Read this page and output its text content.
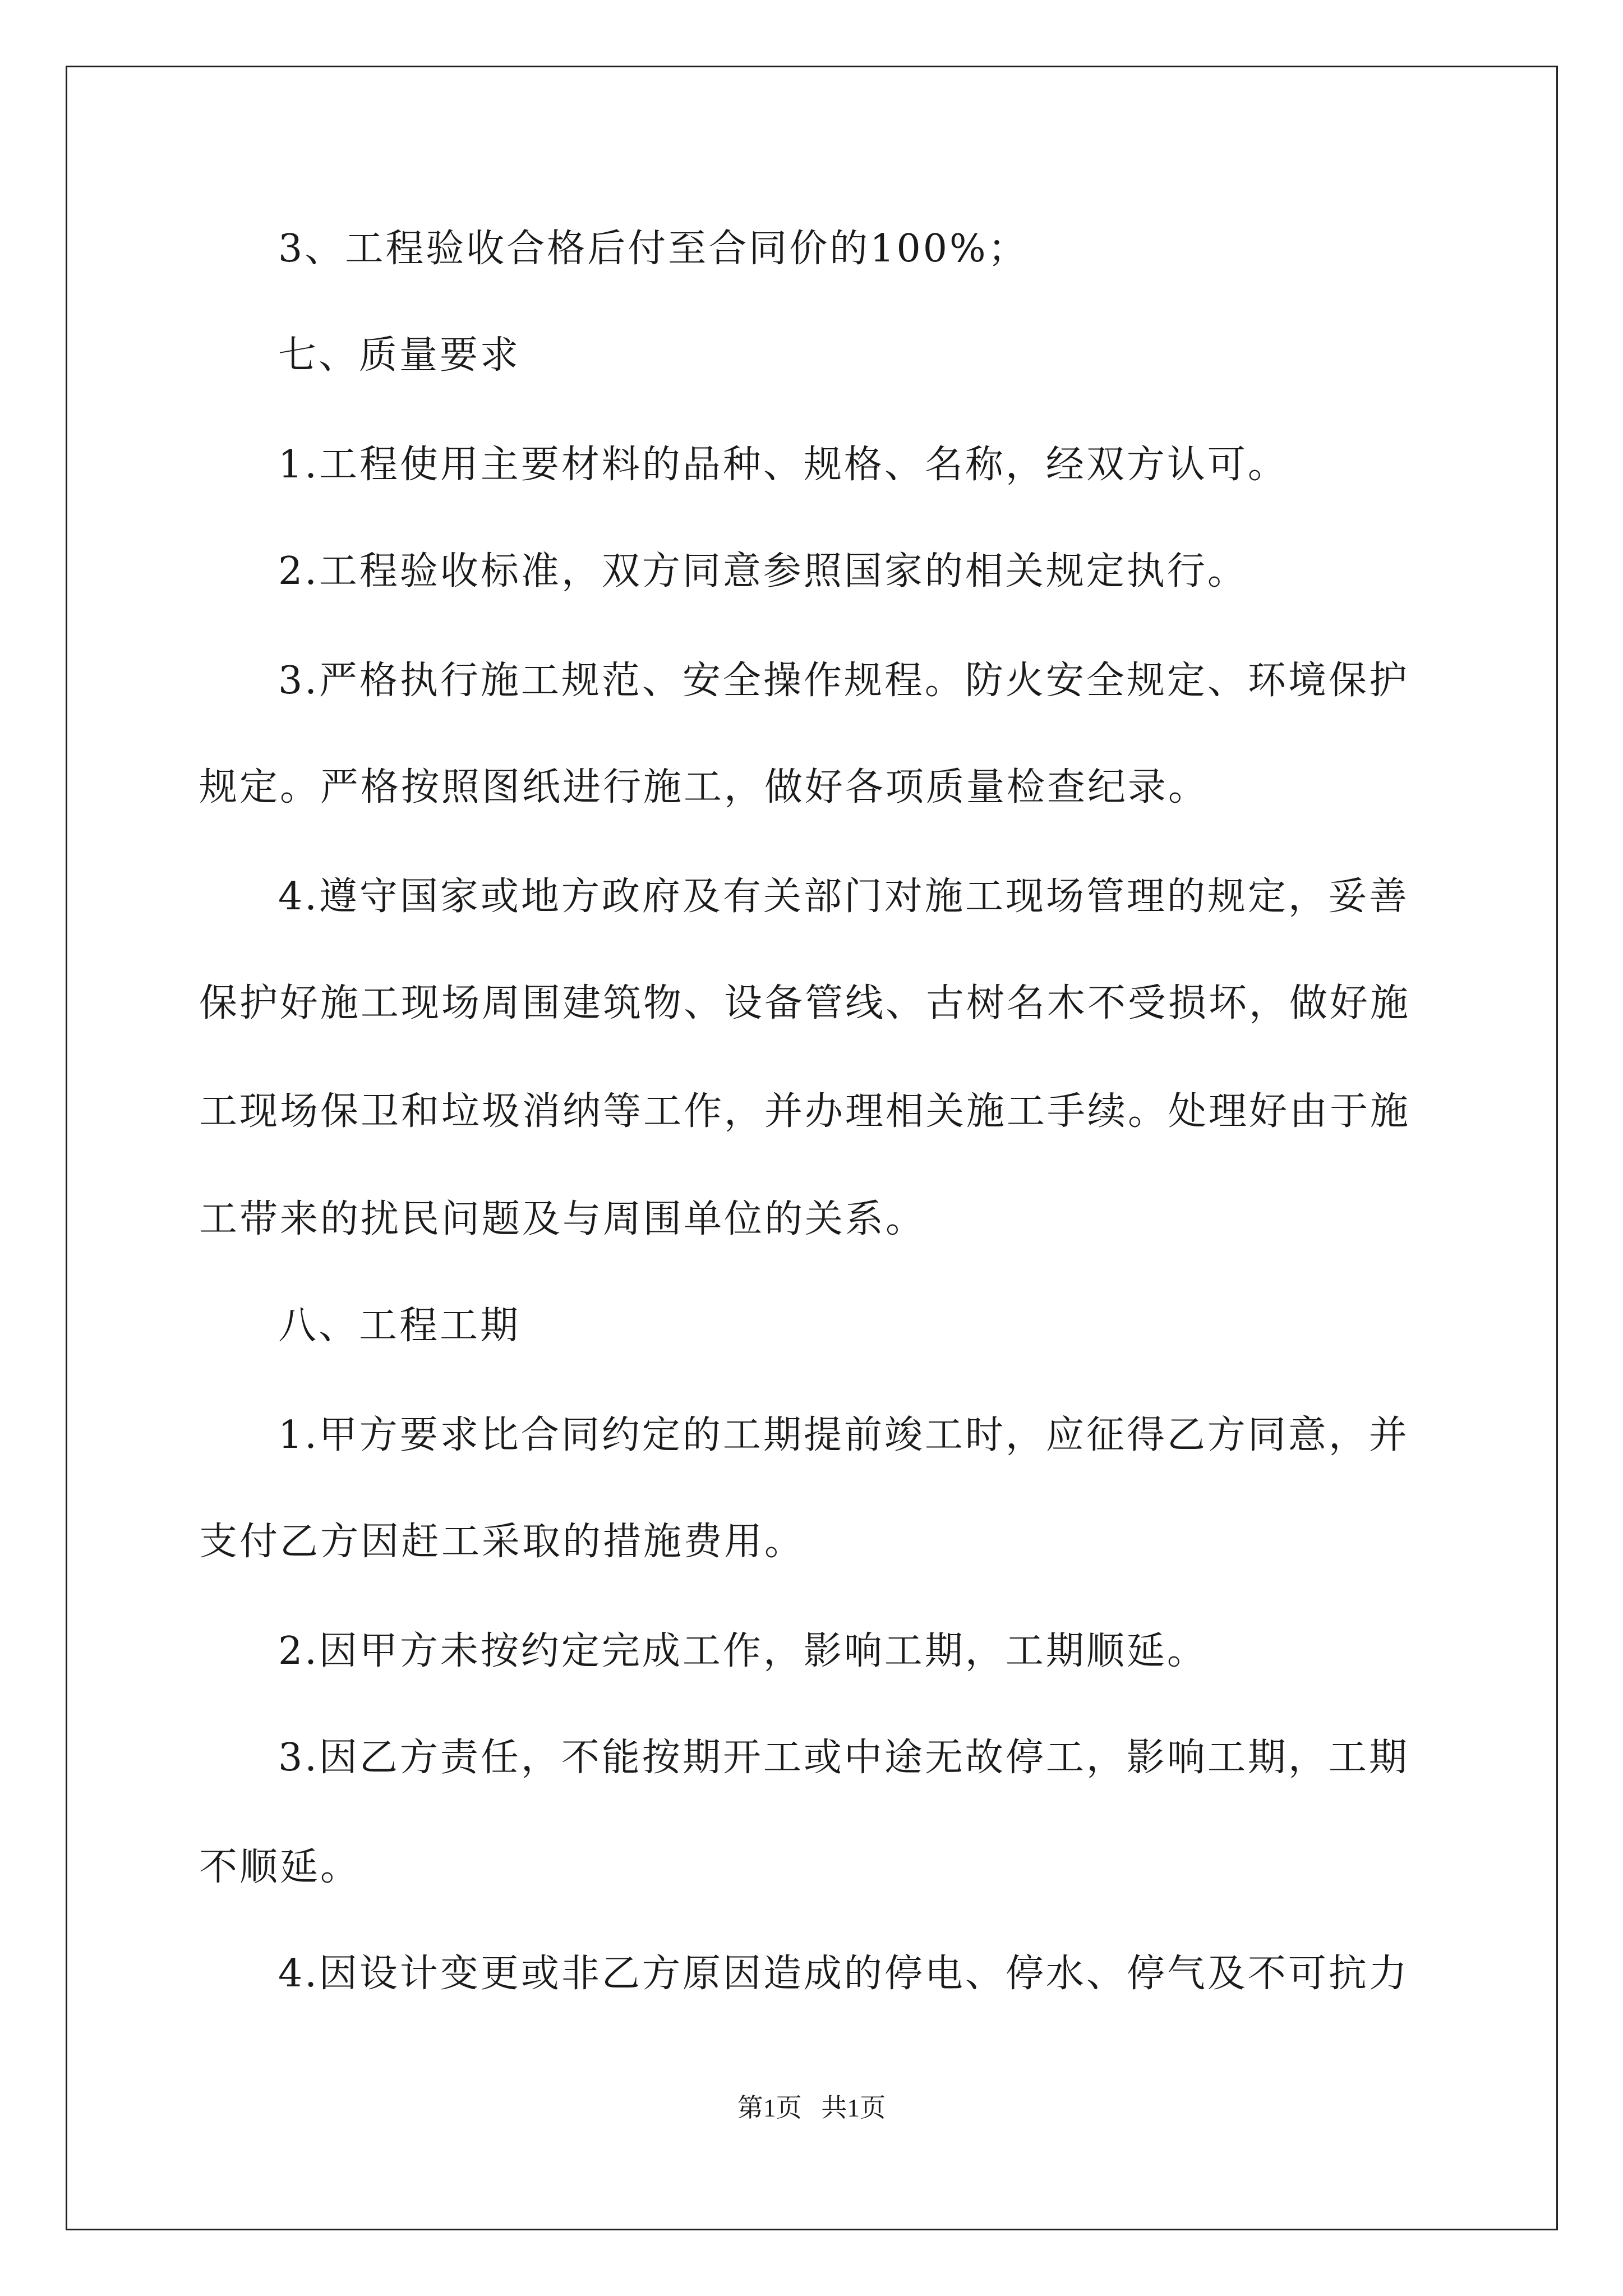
3、工程验收合格后付至合同价的100%；
七、质量要求
1.工程使用主要材料的品种、规格、名称，经双方认可。
2.工程验收标准，双方同意参照国家的相关规定执行。
3.严格执行施工规范、安全操作规程。防火安全规定、环境保护
规定。严格按照图纸进行施工，做好各项质量检查纪录。
4.遵守国家或地方政府及有关部门对施工现场管理的规定，妥善
保护好施工现场周围建筑物、设备管线、古树名木不受损坏，做好施
工现场保卫和垃圾消纳等工作，并办理相关施工手续。处理好由于施
工带来的扰民问题及与周围单位的关系。
八、工程工期
1.甲方要求比合同约定的工期提前竣工时，应征得乙方同意，并
支付乙方因赶工采取的措施费用。
2.因甲方未按约定完成工作，影响工期，工期顺延。
3.因乙方责任，不能按期开工或中途无故停工，影响工期，工期
不顺延。
4.因设计变更或非乙方原因造成的停电、停水、停气及不可抗力
第1页   共1页
